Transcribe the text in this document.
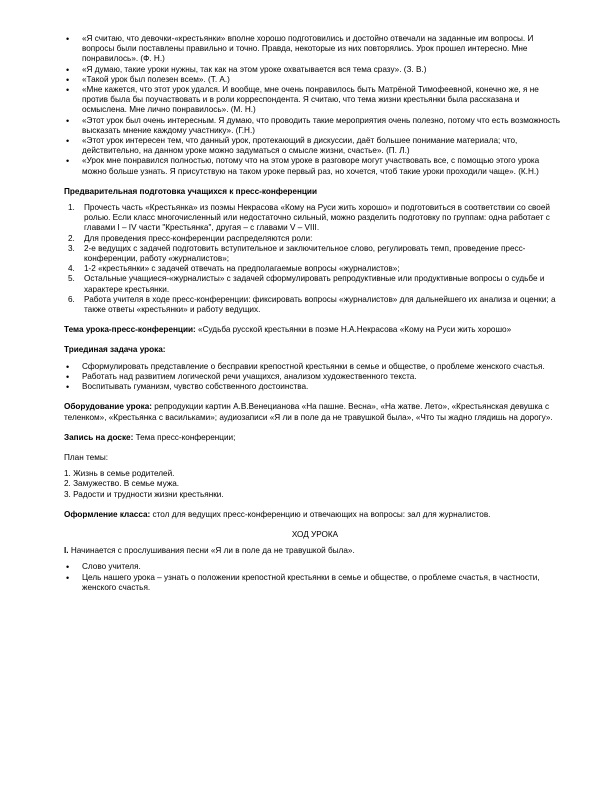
• «Я считаю, что девочки-«крестьянки» вполне хорошо подготовились и достойно отвечали на заданные им вопросы. И вопросы были поставлены правильно и точно. Правда, некоторые из них повторялись. Урок прошел интересно. Мне понравилось». (Ф. Н.)
• «Я думаю, такие уроки нужны, так как на этом уроке охватывается вся тема сразу». (З. В.)
• «Такой урок был полезен всем». (Т. А.)
• «Мне кажется, что этот урок удался. И вообще, мне очень понравилось быть Матрёной Тимофеевной, конечно же, я не против была бы поучаствовать и в роли корреспондента. Я считаю, что тема жизни крестьянки была рассказана и осмыслена. Мне лично понравилось». (М. Н.)
• «Этот урок был очень интересным. Я думаю, что проводить такие мероприятия очень полезно, потому что есть возможность высказать мнение каждому участнику». (Г.Н.)
• «Этот урок интересен тем, что данный урок, протекающий в дискуссии, даёт большее понимание материала; что, действительно, на данном уроке можно задуматься о смысле жизни, счастье». (П. Л.)
• «Урок мне понравился полностью, потому что на этом уроке в разговоре могут участвовать все, с помощью этого урока можно больше узнать. Я присутствую на таком уроке первый раз, но хочется, чтоб такие уроки проходили чаще». (К.Н.)

Предварительная подготовка учащихся к пресс-конференции

1. Прочесть часть «Крестьянка» из поэмы Некрасова «Кому на Руси жить хорошо» и подготовиться в соответствии со своей ролью. Если класс многочисленный или недостаточно сильный, можно разделить подготовку по группам: одна работает с главами I – IV части "Крестьянка", другая – с главами V – VIII.
2. Для проведения пресс-конференции распределяются роли:
3. 2-е ведущих с задачей подготовить вступительное и заключительное слово, регулировать темп, проведение пресс-конференции, работу «журналистов»;
4. 1-2 «крестьянки» с задачей отвечать на предполагаемые вопросы «журналистов»;
5. Остальные учащиеся-«журналисты» с задачей сформулировать репродуктивные или продуктивные вопросы о судьбе и характере крестьянки.
6. Работа учителя в ходе пресс-конференции: фиксировать вопросы «журналистов» для дальнейшего их анализа и оценки; а также ответы «крестьянки» и работу ведущих.

Тема урока-пресс-конференции: «Судьба русской крестьянки в поэме Н.А.Некрасова «Кому на Руси жить хорошо»

Триединая задача урока:

• Сформулировать представление о бесправии крепостной крестьянки в семье и обществе, о проблеме женского счастья.
• Работать над развитием логической речи учащихся, анализом художественного текста.
• Воспитывать гуманизм, чувство собственного достоинства.

Оборудование урока: репродукции картин А.В.Венецианова «На пашне. Весна», «На жатве. Лето», «Крестьянская девушка с теленком», «Крестьянка с васильками»; аудиозаписи «Я ли в поле да не травушкой была», «Что ты жадно глядишь на дорогу».

Запись на доске: Тема пресс-конференции;

План темы:

1. Жизнь в семье родителей.

2. Замужество. В семье мужа.

3. Радости и трудности жизни крестьянки.

Оформление класса: стол для ведущих пресс-конференцию и отвечающих на вопросы: зал для журналистов.

ХОД УРОКА

I. Начинается с прослушивания песни «Я ли в поле да не травушкой была».

• Слово учителя.
• Цель нашего урока – узнать о положении крепостной крестьянки в семье и обществе, о проблеме счастья, в частности, женского счастья.
